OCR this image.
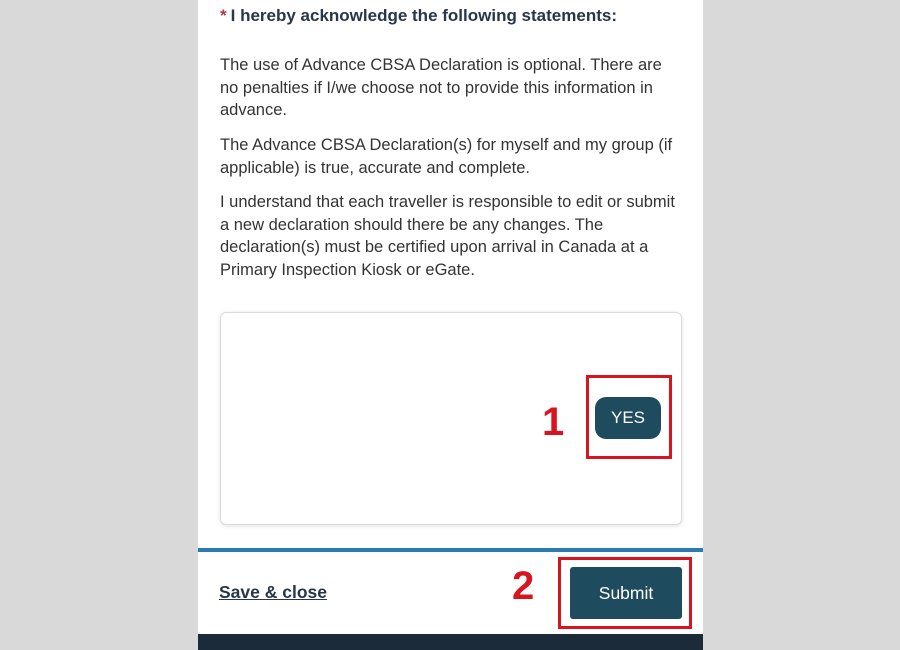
* I hereby acknowledge the following statements:

The use of Advance CBSA Declaration is optional. There are no penalties if I/we choose not to provide this information in advance.

The Advance CBSA Declaration(s) for myself and my group (if applicable) is true, accurate and complete.

I understand that each traveller is responsible to edit or submit a new declaration should there be any changes. The declaration(s) must be certified upon arrival in Canada at a Primary Inspection Kiosk or eGate.

YES
Save & close	Submit
1
2
